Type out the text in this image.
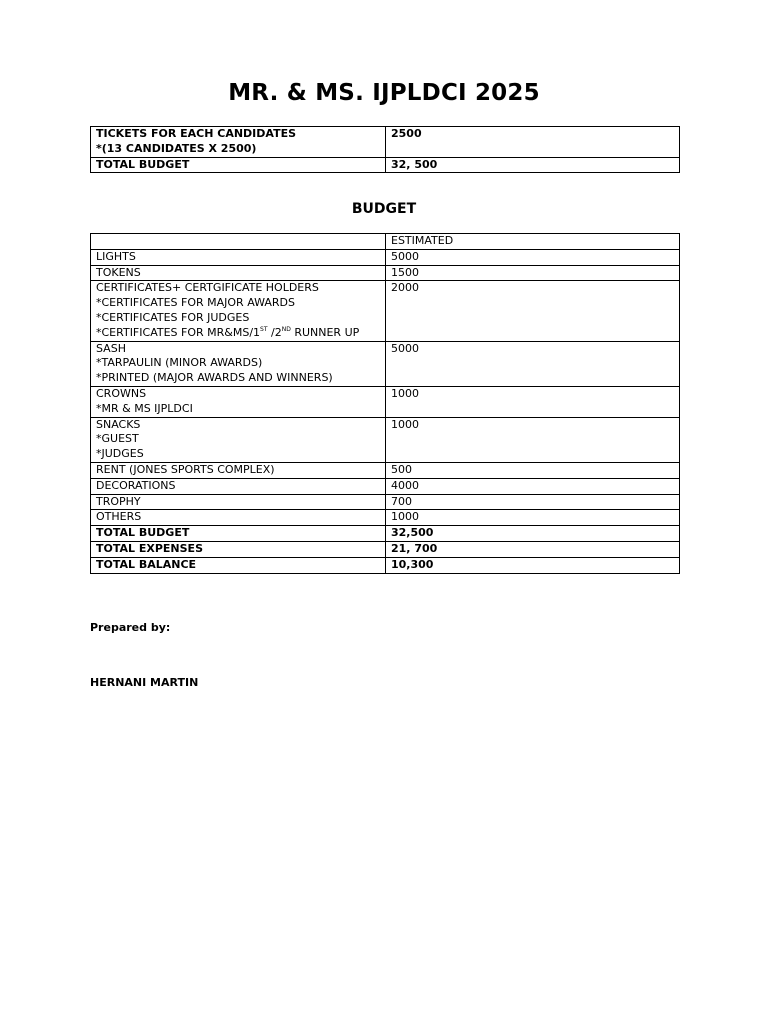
MR. & MS. IJPLDCI 2025
TICKETS FOR EACH CANDIDATES
*(13 CANDIDATES X 2500)	2500
TOTAL BUDGET	32, 500
BUDGET
	ESTIMATED
LIGHTS	5000
TOKENS	1500

CERTIFICATES+ CERTGIFICATE HOLDERS
*CERTIFICATES FOR MAJOR AWARDS
*CERTIFICATES FOR JUDGES
*CERTIFICATES FOR MR&MS/1ST /2ND RUNNER UP	2000

SASH
*TARPAULIN (MINOR AWARDS)
*PRINTED (MAJOR AWARDS AND WINNERS)	5000

CROWNS
*MR & MS IJPLDCI	1000

SNACKS
*GUEST
*JUDGES	1000
RENT (JONES SPORTS COMPLEX)	500
DECORATIONS	4000
TROPHY	700
OTHERS	1000
TOTAL BUDGET	32,500
TOTAL EXPENSES	21, 700
TOTAL BALANCE	10,300
Prepared by:
HERNANI MARTIN
